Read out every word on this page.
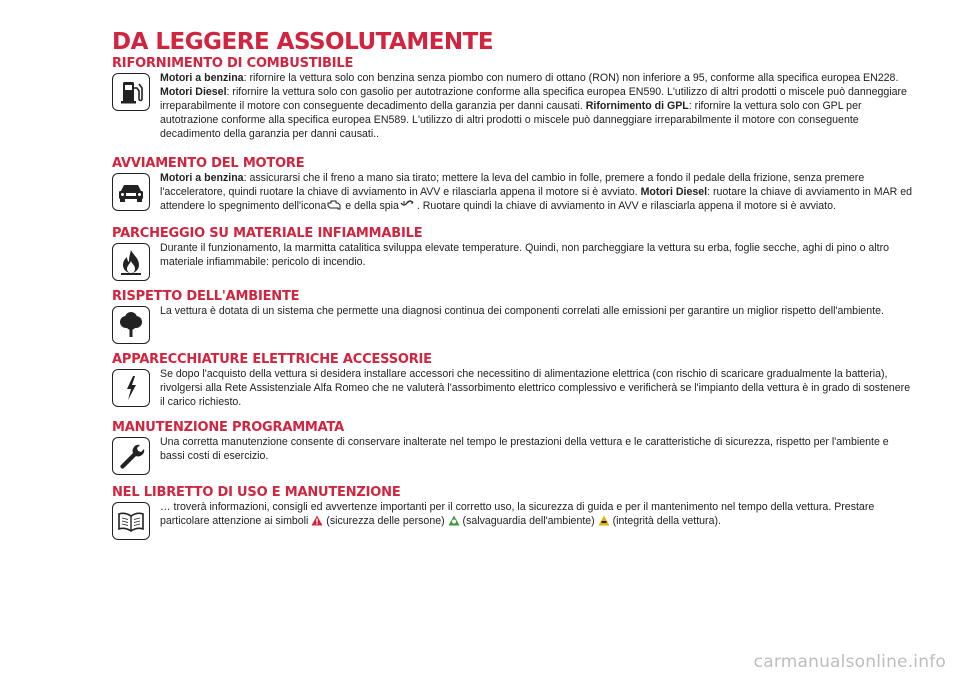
DA LEGGERE ASSOLUTAMENTE
RIFORNIMENTO DI COMBUSTIBILE
Motori a benzina: rifornire la vettura solo con benzina senza piombo con numero di ottano (RON) non inferiore a 95, conforme alla specifica europea EN228. Motori Diesel: rifornire la vettura solo con gasolio per autotrazione conforme alla specifica europea EN590. L'utilizzo di altri prodotti o miscele può danneggiare irreparabilmente il motore con conseguente decadimento della garanzia per danni causati. Rifornimento di GPL: rifornire la vettura solo con GPL per autotrazione conforme alla specifica europea EN589. L'utilizzo di altri prodotti o miscele può danneggiare irreparabilmente il motore con conseguente decadimento della garanzia per danni causati..
AVVIAMENTO DEL MOTORE
Motori a benzina: assicurarsi che il freno a mano sia tirato; mettere la leva del cambio in folle, premere a fondo il pedale della frizione, senza premere l'acceleratore, quindi ruotare la chiave di avviamento in AVV e rilasciarla appena il motore si è avviato. Motori Diesel: ruotare la chiave di avviamento in MAR ed attendere lo spegnimento dell'icona e della spia . Ruotare quindi la chiave di avviamento in AVV e rilasciarla appena il motore si è avviato.
PARCHEGGIO SU MATERIALE INFIAMMABILE
Durante il funzionamento, la marmitta catalitica sviluppa elevate temperature. Quindi, non parcheggiare la vettura su erba, foglie secche, aghi di pino o altro materiale infiammabile: pericolo di incendio.
RISPETTO DELL'AMBIENTE
La vettura è dotata di un sistema che permette una diagnosi continua dei componenti correlati alle emissioni per garantire un miglior rispetto dell'ambiente.
APPARECCHIATURE ELETTRICHE ACCESSORIE
Se dopo l'acquisto della vettura si desidera installare accessori che necessitino di alimentazione elettrica (con rischio di scaricare gradualmente la batteria), rivolgersi alla Rete Assistenziale Alfa Romeo che ne valuterà l'assorbimento elettrico complessivo e verificherà se l'impianto della vettura è in grado di sostenere il carico richiesto.
MANUTENZIONE PROGRAMMATA
Una corretta manutenzione consente di conservare inalterate nel tempo le prestazioni della vettura e le caratteristiche di sicurezza, rispetto per l'ambiente e bassi costi di esercizio.
NEL LIBRETTO DI USO E MANUTENZIONE
… troverà informazioni, consigli ed avvertenze importanti per il corretto uso, la sicurezza di guida e per il mantenimento nel tempo della vettura. Prestare particolare attenzione ai simboli  (sicurezza delle persone)  (salvaguardia dell'ambiente)  (integrità della vettura).
carmanualsonline.info
